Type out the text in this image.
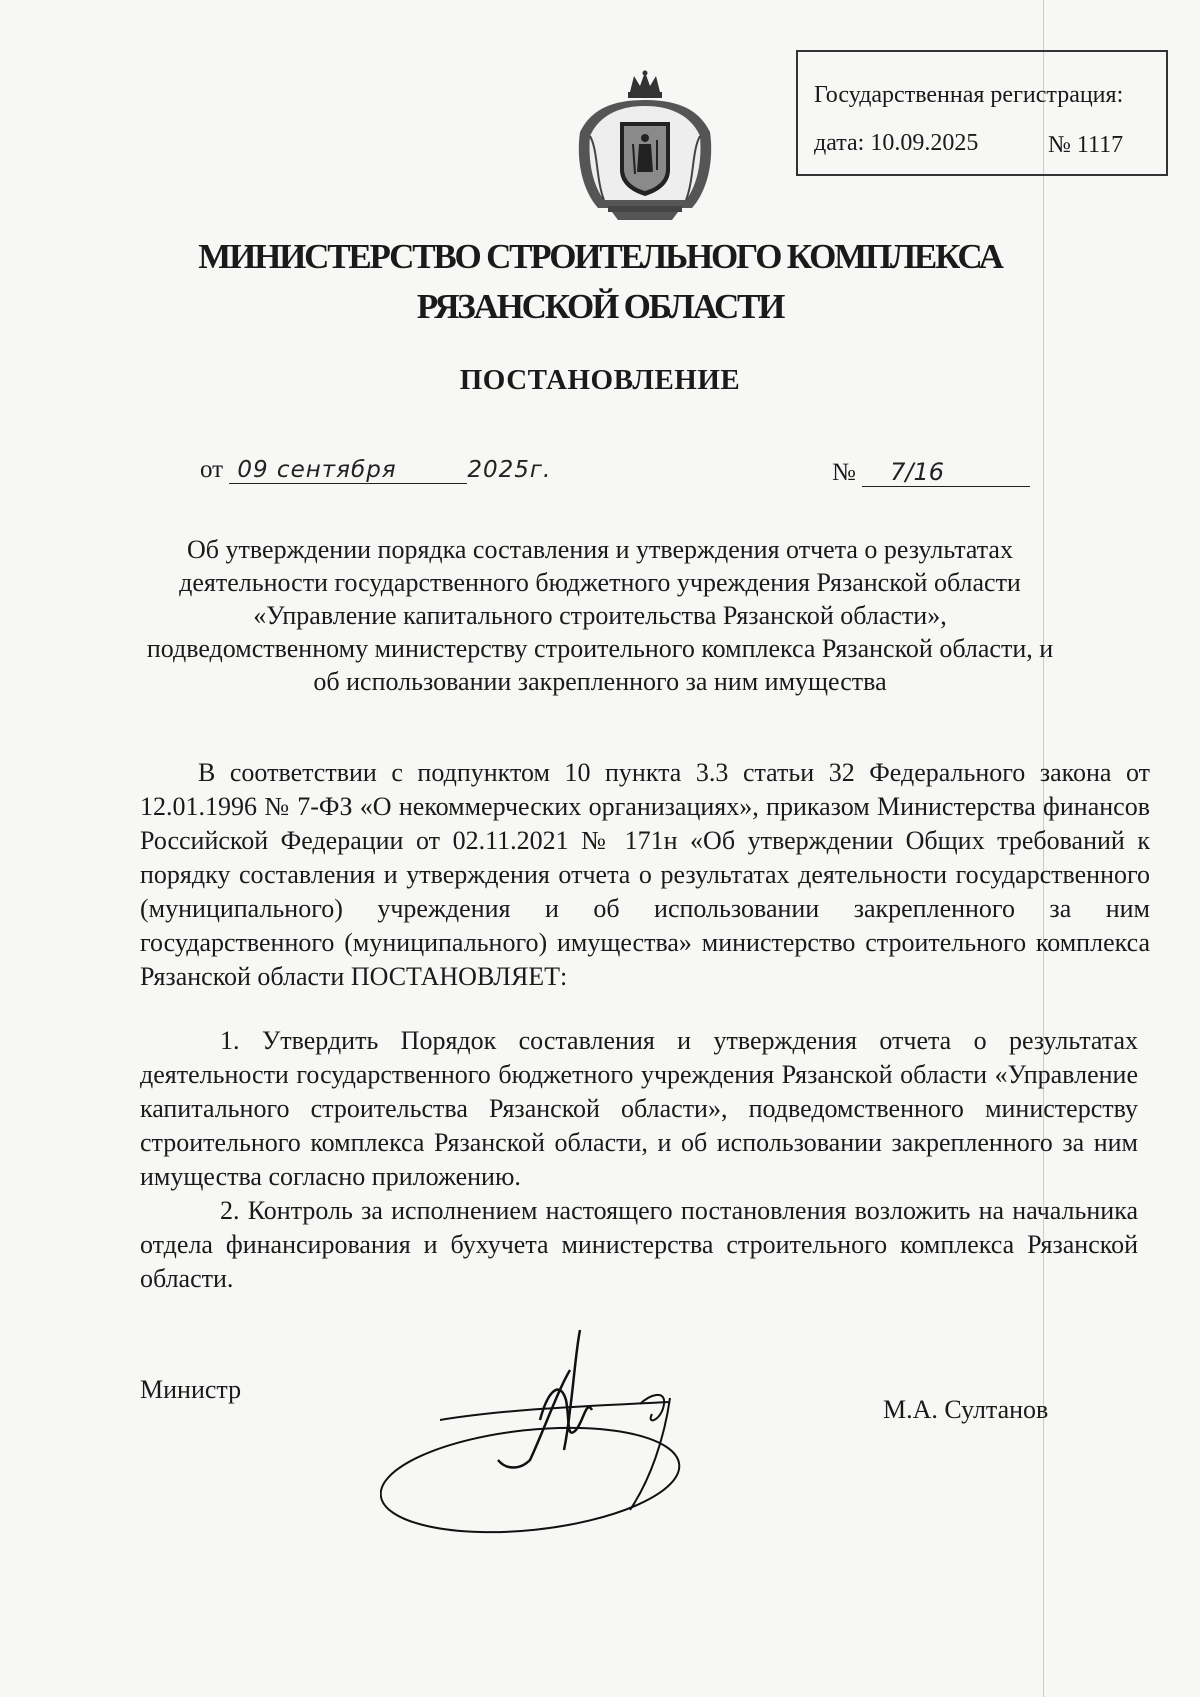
Государственная регистрация:
дата: 10.09.2025	№ 1117
МИНИСТЕРСТВО СТРОИТЕЛЬНОГО КОМПЛЕКСА
РЯЗАНСКОЙ ОБЛАСТИ
ПОСТАНОВЛЕНИЕ
от 09 сентября	2025г.	№ 7/16
Об утверждении порядка составления и утверждения отчета о результатах деятельности государственного бюджетного учреждения Рязанской области «Управление капитального строительства Рязанской области», подведомственному министерству строительного комплекса Рязанской области, и об использовании закрепленного за ним имущества

В соответствии с подпунктом 10 пункта 3.3 статьи 32 Федерального закона от 12.01.1996 № 7-ФЗ «О некоммерческих организациях», приказом Министерства финансов Российской Федерации от 02.11.2021 № 171н «Об утверждении Общих требований к порядку составления и утверждения отчета о результатах деятельности государственного (муниципального) учреждения и об использовании закрепленного за ним государственного (муниципального) имущества» министерство строительного комплекса Рязанской области ПОСТАНОВЛЯЕТ:

1. Утвердить Порядок составления и утверждения отчета о результатах деятельности государственного бюджетного учреждения Рязанской области «Управление капитального строительства Рязанской области», подведомственного министерству строительного комплекса Рязанской области, и об использовании закрепленного за ним имущества согласно приложению.

2. Контроль за исполнением настоящего постановления возложить на начальника отдела финансирования и бухучета министерства строительного комплекса Рязанской области.

Министр
М.А. Султанов
